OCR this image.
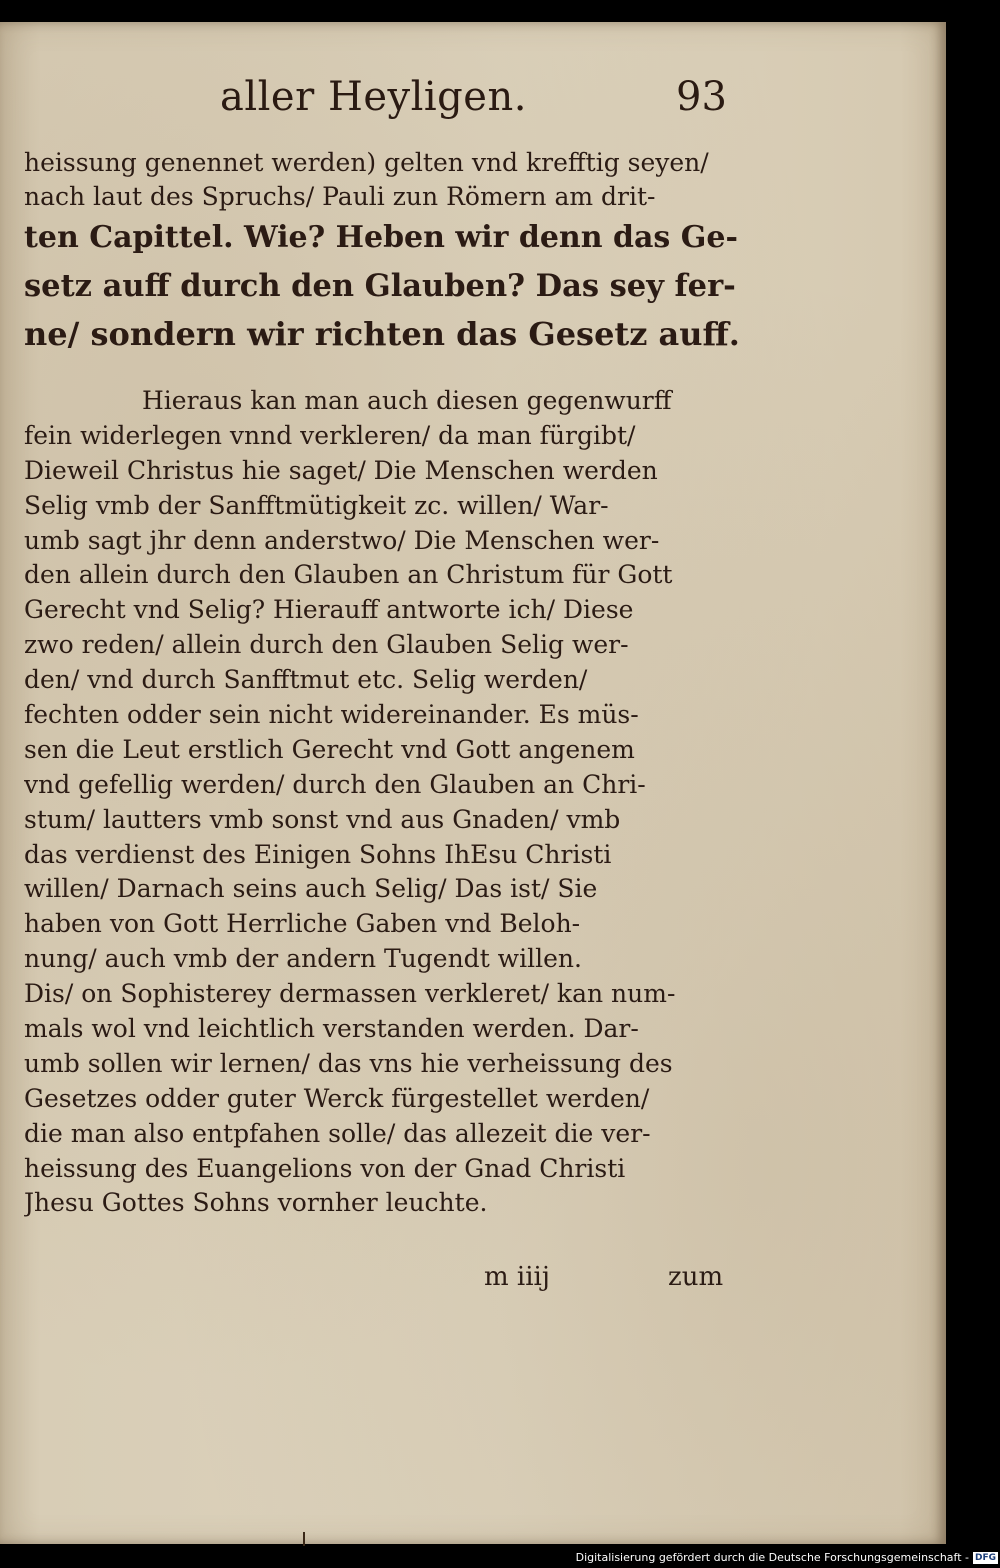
aller Heyligen.	93
heissung genennet werden) gelten vnd krefftig seyen/
nach laut des Spruchs/ Pauli zun Römern am drit-
ten Capittel. Wie? Heben wir denn das Ge-
setz auff durch den Glauben? Das sey fer-
ne/ sondern wir richten das Gesetz auff.
Hieraus kan man auch diesen gegenwurff
fein widerlegen vnnd verkleren/ da man fürgibt/
Dieweil Christus hie saget/ Die Menschen werden
Selig vmb der Sanfftmütigkeit zc. willen/ War-
umb sagt jhr denn anderstwo/ Die Menschen wer-
den allein durch den Glauben an Christum für Gott
Gerecht vnd Selig? Hierauff antworte ich/ Diese
zwo reden/ allein durch den Glauben Selig wer-
den/ vnd durch Sanfftmut etc. Selig werden/
fechten odder sein nicht widereinander. Es müs-
sen die Leut erstlich Gerecht vnd Gott angenem
vnd gefellig werden/ durch den Glauben an Chri-
stum/ lautters vmb sonst vnd aus Gnaden/ vmb
das verdienst des Einigen Sohns IhEsu Christi
willen/ Darnach seins auch Selig/ Das ist/ Sie
haben von Gott Herrliche Gaben vnd Beloh-
nung/ auch vmb der andern Tugendt willen.
Dis/ on Sophisterey dermassen verkleret/ kan num-
mals wol vnd leichtlich verstanden werden. Dar-
umb sollen wir lernen/ das vns hie verheissung des
Gesetzes odder guter Werck fürgestellet werden/
die man also entpfahen solle/ das allezeit die ver-
heissung des Euangelions von der Gnad Christi
Jhesu Gottes Sohns vornher leuchte.
m iiij	zum
Digitalisierung gefördert durch die Deutsche Forschungsgemeinschaft - DFG
